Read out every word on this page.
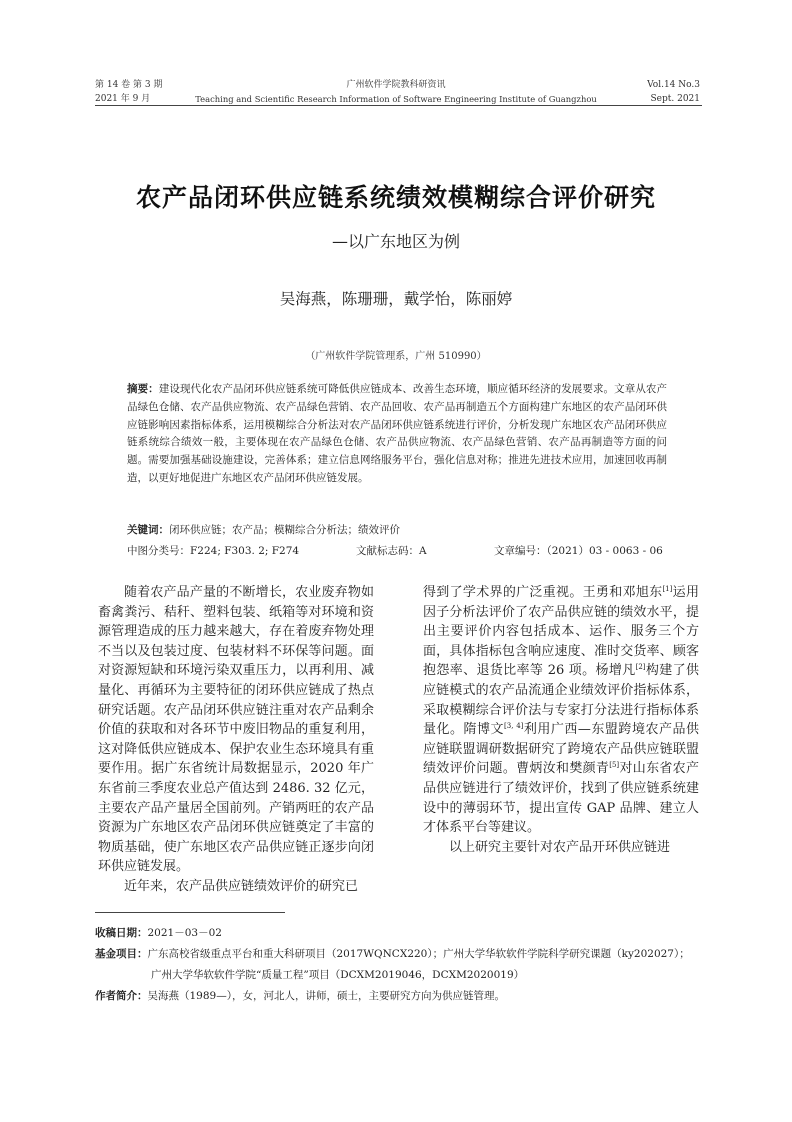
第 14 卷 第 3 期
2021 年 9 月
广州软件学院教科研资讯
Teaching and Scientific Research Information of Software Engineering Institute of Guangzhou
Vol.14 No.3
Sept. 2021
农产品闭环供应链系统绩效模糊综合评价研究
—以广东地区为例
吴海燕，陈珊珊，戴学怡，陈丽婷
（广州软件学院管理系，广州 510990）
摘要：建设现代化农产品闭环供应链系统可降低供应链成本、改善生态环境，顺应循环经济的发展要求。文章从农产品绿色仓储、农产品供应物流、农产品绿色营销、农产品回收、农产品再制造五个方面构建广东地区的农产品闭环供应链影响因素指标体系，运用模糊综合分析法对农产品闭环供应链系统进行评价，分析发现广东地区农产品闭环供应链系统综合绩效一般，主要体现在农产品绿色仓储、农产品供应物流、农产品绿色营销、农产品再制造等方面的问题。需要加强基础设施建设，完善体系；建立信息网络服务平台，强化信息对称；推进先进技术应用，加速回收再制造，以更好地促进广东地区农产品闭环供应链发展。
关键词：闭环供应链；农产品；模糊综合分析法；绩效评价
中图分类号：F224; F303. 2; F274	文献标志码：A	文章编号：（2021）03 - 0063 - 06

随着农产品产量的不断增长，农业废弃物如畜禽粪污、秸秆、塑料包装、纸箱等对环境和资源管理造成的压力越来越大，存在着废弃物处理不当以及包装过度、包装材料不环保等问题。面对资源短缺和环境污染双重压力，以再利用、减量化、再循环为主要特征的闭环供应链成了热点研究话题。农产品闭环供应链注重对农产品剩余价值的获取和对各环节中废旧物品的重复利用，这对降低供应链成本、保护农业生态环境具有重要作用。据广东省统计局数据显示，2020 年广东省前三季度农业总产值达到 2486. 32 亿元，主要农产品产量居全国前列。产销两旺的农产品资源为广东地区农产品闭环供应链奠定了丰富的物质基础，使广东地区农产品供应链正逐步向闭环供应链发展。

近年来，农产品供应链绩效评价的研究已

得到了学术界的广泛重视。王勇和邓旭东[1]运用因子分析法评价了农产品供应链的绩效水平，提出主要评价内容包括成本、运作、服务三个方面，具体指标包含响应速度、准时交货率、顾客抱怨率、退货比率等 26 项。杨增凡[2]构建了供应链模式的农产品流通企业绩效评价指标体系，采取模糊综合评价法与专家打分法进行指标体系量化。隋博文[3, 4]利用广西—东盟跨境农产品供应链联盟调研数据研究了跨境农产品供应链联盟绩效评价问题。曹炳汝和樊颜青[5]对山东省农产品供应链进行了绩效评价，找到了供应链系统建设中的薄弱环节，提出宣传 GAP 品牌、建立人才体系平台等建议。

以上研究主要针对农产品开环供应链进

收稿日期：2021－03－02
基金项目：广东高校省级重点平台和重大科研项目（2017WQNCX220）；广州大学华软软件学院科学研究课题（ky202027）；
广州大学华软软件学院“质量工程”项目（DCXM2019046，DCXM2020019）
作者简介：吴海燕（1989—），女，河北人，讲师，硕士，主要研究方向为供应链管理。
